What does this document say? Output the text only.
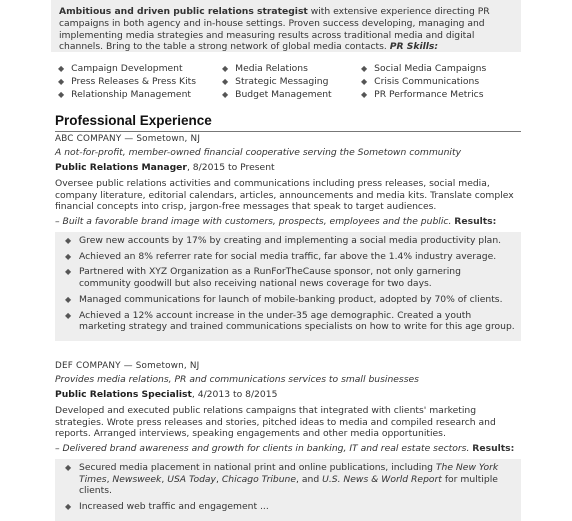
Ambitious and driven public relations strategist with extensive experience directing PR campaigns in both agency and in-house settings. Proven success developing, managing and implementing media strategies and measuring results across traditional media and digital channels. Bring to the table a strong network of global media contacts. PR Skills:

◆ Campaign Development	◆ Media Relations	◆ Social Media Campaigns
◆ Press Releases & Press Kits	◆ Strategic Messaging	◆ Crisis Communications
◆ Relationship Management	◆ Budget Management	◆ PR Performance Metrics
Professional Experience

ABC COMPANY — Sometown, NJ

A not-for-profit, member-owned financial cooperative serving the Sometown community

Public Relations Manager, 8/2015 to Present

Oversee public relations activities and communications including press releases, social media, company literature, editorial calendars, articles, announcements and media kits. Translate complex financial concepts into crisp, jargon-free messages that speak to target audiences.

– Built a favorable brand image with customers, prospects, employees and the public. Results:

◆ Grew new accounts by 17% by creating and implementing a social media productivity plan.
◆ Achieved an 8% referrer rate for social media traffic, far above the 1.4% industry average.
◆ Partnered with XYZ Organization as a RunForTheCause sponsor, not only garnering community goodwill but also receiving national news coverage for two days.
◆ Managed communications for launch of mobile-banking product, adopted by 70% of clients.
◆ Achieved a 12% account increase in the under-35 age demographic. Created a youth marketing strategy and trained communications specialists on how to write for this age group.

DEF COMPANY — Sometown, NJ

Provides media relations, PR and communications services to small businesses

Public Relations Specialist, 4/2013 to 8/2015

Developed and executed public relations campaigns that integrated with clients' marketing strategies. Wrote press releases and stories, pitched ideas to media and compiled research and reports. Arranged interviews, speaking engagements and other media opportunities.

– Delivered brand awareness and growth for clients in banking, IT and real estate sectors. Results:

◆ Secured media placement in national print and online publications, including The New York Times, Newsweek, USA Today, Chicago Tribune, and U.S. News & World Report for multiple clients.
◆ Increased web traffic and engagement ...
